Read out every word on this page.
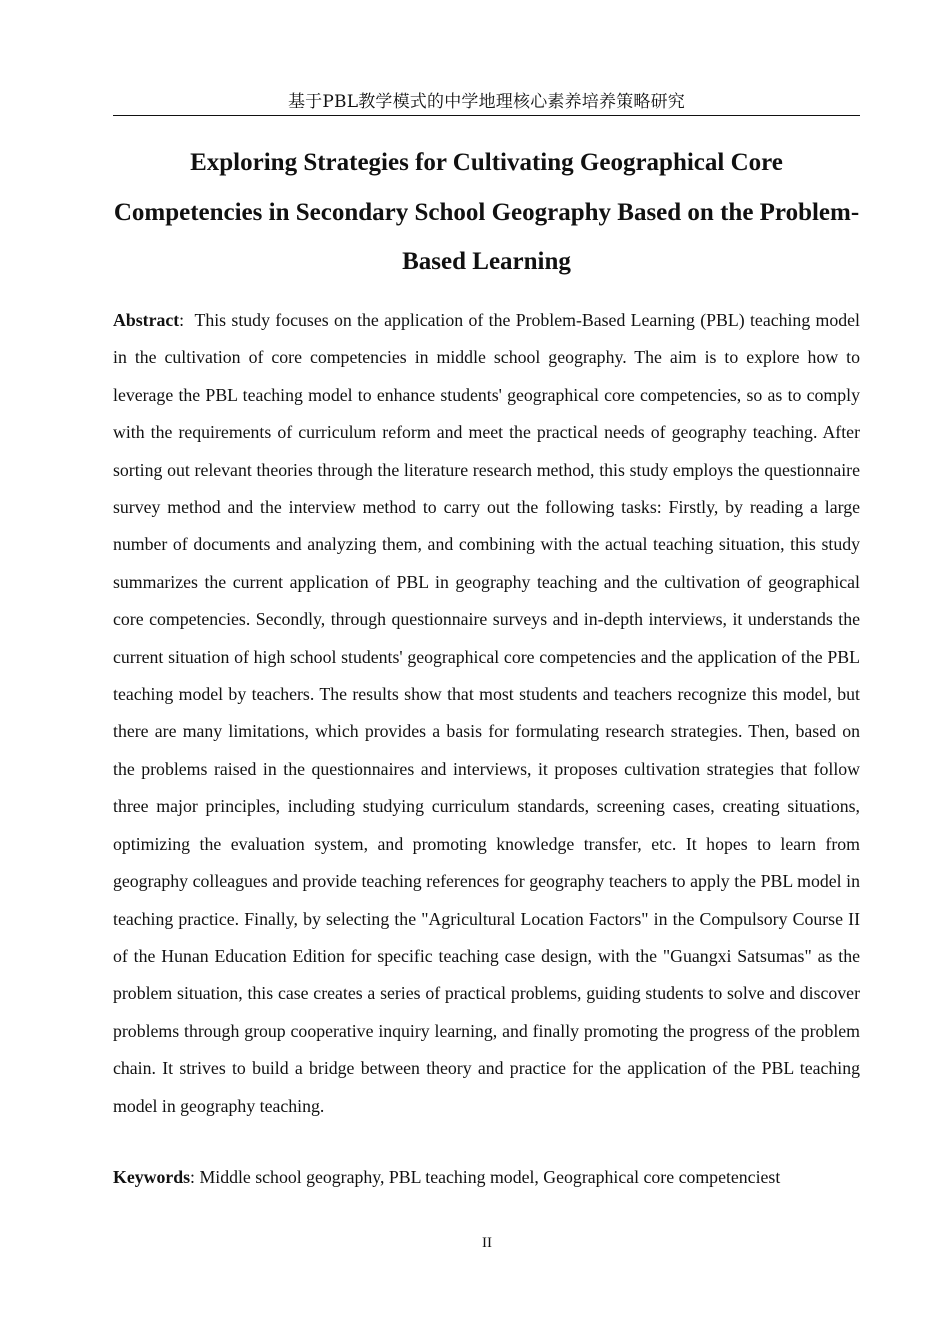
基于PBL教学模式的中学地理核心素养培养策略研究
Exploring Strategies for Cultivating Geographical Core Competencies in Secondary School Geography Based on the Problem-Based Learning

Abstract:  This study focuses on the application of the Problem-Based Learning (PBL) teaching model in the cultivation of core competencies in middle school geography. The aim is to explore how to leverage the PBL teaching model to enhance students' geographical core competencies, so as to comply with the requirements of curriculum reform and meet the practical needs of geography teaching. After sorting out relevant theories through the literature research method, this study employs the questionnaire survey method and the interview method to carry out the following tasks: Firstly, by reading a large number of documents and analyzing them, and combining with the actual teaching situation, this study summarizes the current application of PBL in geography teaching and the cultivation of geographical core competencies. Secondly, through questionnaire surveys and in-depth interviews, it understands the current situation of high school students' geographical core competencies and the application of the PBL teaching model by teachers. The results show that most students and teachers recognize this model, but there are many limitations, which provides a basis for formulating research strategies. Then, based on the problems raised in the questionnaires and interviews, it proposes cultivation strategies that follow three major principles, including studying curriculum standards, screening cases, creating situations, optimizing the evaluation system, and promoting knowledge transfer, etc. It hopes to learn from geography colleagues and provide teaching references for geography teachers to apply the PBL model in teaching practice. Finally, by selecting the "Agricultural Location Factors" in the Compulsory Course II of the Hunan Education Edition for specific teaching case design, with the "Guangxi Satsumas" as the problem situation, this case creates a series of practical problems, guiding students to solve and discover problems through group cooperative inquiry learning, and finally promoting the progress of the problem chain. It strives to build a bridge between theory and practice for the application of the PBL teaching model in geography teaching.

Keywords: Middle school geography, PBL teaching model, Geographical core competenciest

II
